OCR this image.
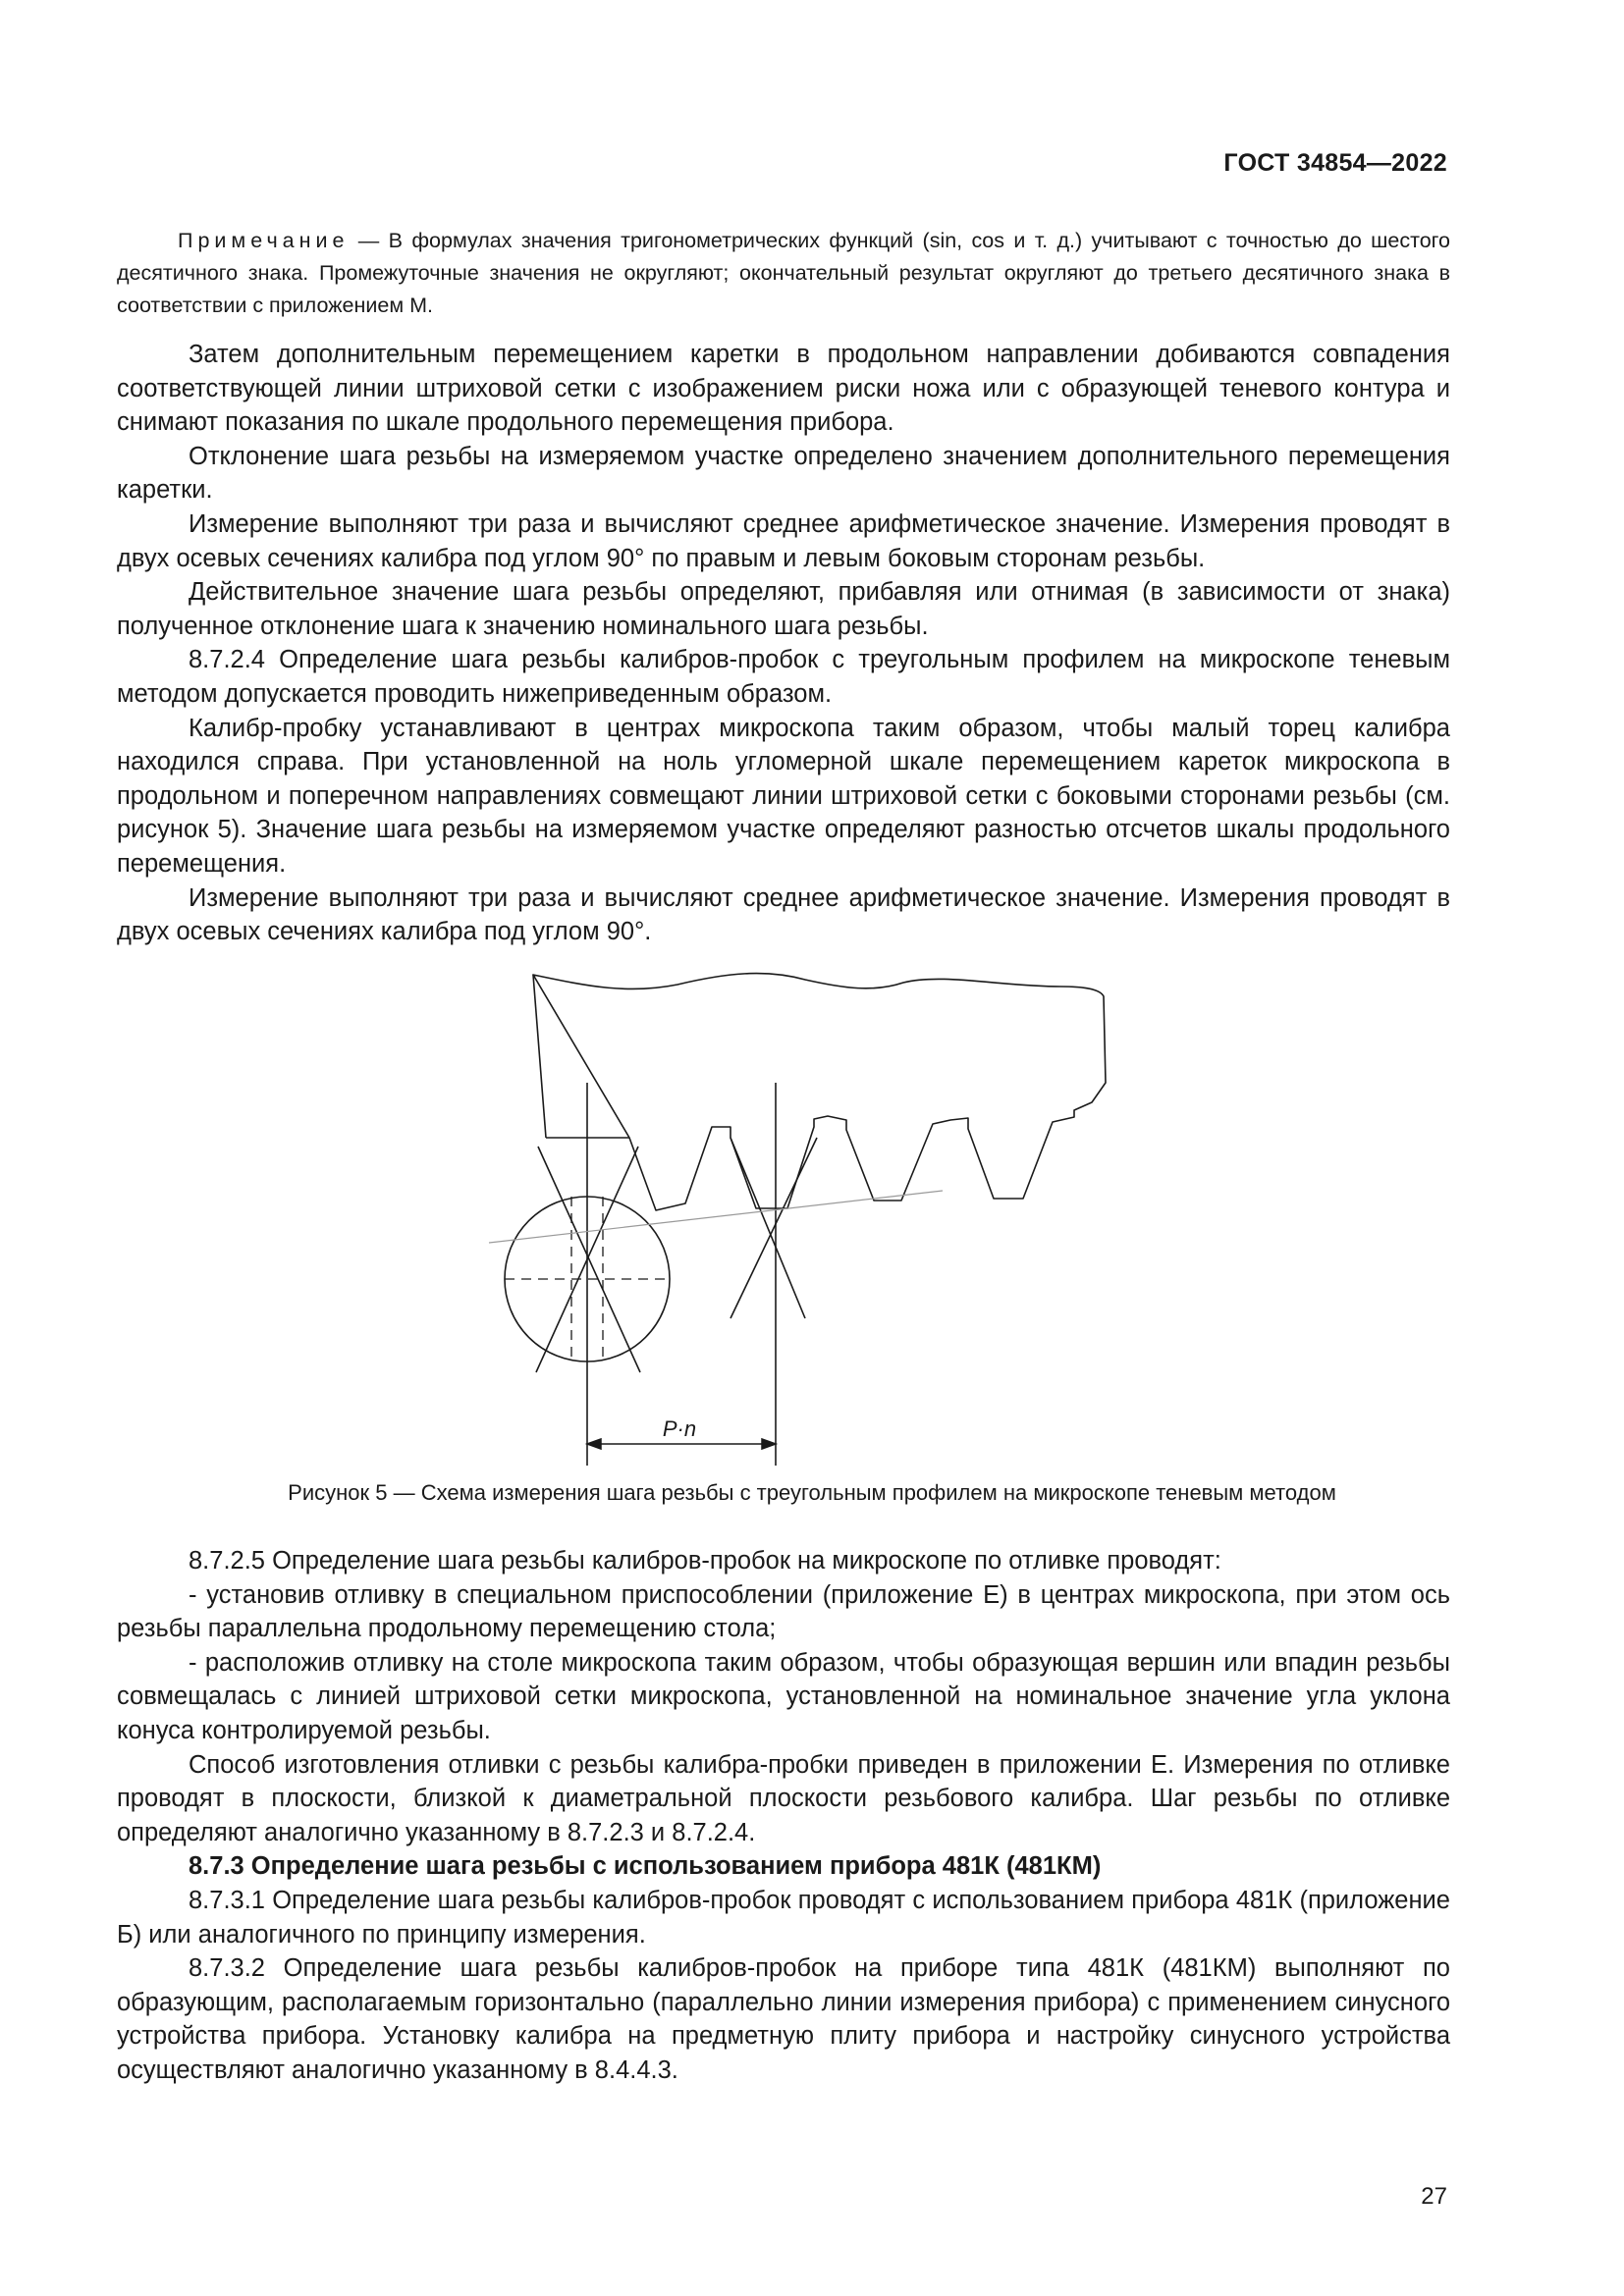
ГОСТ 34854—2022
Примечание — В формулах значения тригонометрических функций (sin, cos и т. д.) учитывают с точностью до шестого десятичного знака. Промежуточные значения не округляют; окончательный результат округляют до третьего десятичного знака в соответствии с приложением М.

Затем дополнительным перемещением каретки в продольном направлении добиваются совпадения соответствующей линии штриховой сетки с изображением риски ножа или с образующей теневого контура и снимают показания по шкале продольного перемещения прибора.

Отклонение шага резьбы на измеряемом участке определено значением дополнительного перемещения каретки.

Измерение выполняют три раза и вычисляют среднее арифметическое значение. Измерения проводят в двух осевых сечениях калибра под углом 90° по правым и левым боковым сторонам резьбы.

Действительное значение шага резьбы определяют, прибавляя или отнимая (в зависимости от знака) полученное отклонение шага к значению номинального шага резьбы.

8.7.2.4 Определение шага резьбы калибров-пробок с треугольным профилем на микроскопе теневым методом допускается проводить нижеприведенным образом.

Калибр-пробку устанавливают в центрах микроскопа таким образом, чтобы малый торец калибра находился справа. При установленной на ноль угломерной шкале перемещением кареток микроскопа в продольном и поперечном направлениях совмещают линии штриховой сетки с боковыми сторонами резьбы (см. рисунок 5). Значение шага резьбы на измеряемом участке определяют разностью отсчетов шкалы продольного перемещения.

Измерение выполняют три раза и вычисляют среднее арифметическое значение. Измерения проводят в двух осевых сечениях калибра под углом 90°.

P·n
Рисунок 5 — Схема измерения шага резьбы с треугольным профилем на микроскопе теневым методом

8.7.2.5 Определение шага резьбы калибров-пробок на микроскопе по отливке проводят:

- установив отливку в специальном приспособлении (приложение Е) в центрах микроскопа, при этом ось резьбы параллельна продольному перемещению стола;

- расположив отливку на столе микроскопа таким образом, чтобы образующая вершин или впадин резьбы совмещалась с линией штриховой сетки микроскопа, установленной на номинальное значение угла уклона конуса контролируемой резьбы.

Способ изготовления отливки с резьбы калибра-пробки приведен в приложении Е. Измерения по отливке проводят в плоскости, близкой к диаметральной плоскости резьбового калибра. Шаг резьбы по отливке определяют аналогично указанному в 8.7.2.3 и 8.7.2.4.

8.7.3 Определение шага резьбы с использованием прибора 481К (481КМ)

8.7.3.1 Определение шага резьбы калибров-пробок проводят с использованием прибора 481К (приложение Б) или аналогичного по принципу измерения.

8.7.3.2 Определение шага резьбы калибров-пробок на приборе типа 481К (481КМ) выполняют по образующим, располагаемым горизонтально (параллельно линии измерения прибора) с применением синусного устройства прибора. Установку калибра на предметную плиту прибора и настройку синусного устройства осуществляют аналогично указанному в 8.4.4.3.

27
